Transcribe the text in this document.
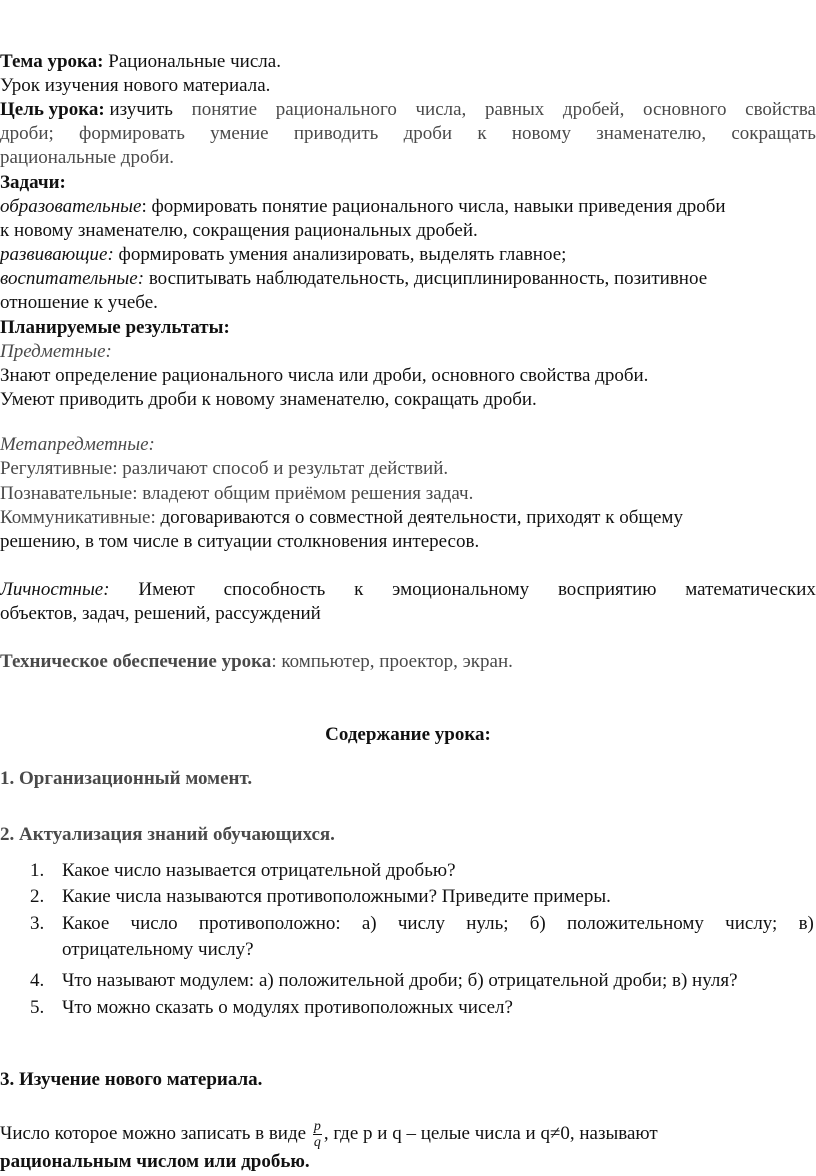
Тема урока: Рациональные числа.
Урок изучения нового материала.
Цель урока: изучить понятие рационального числа, равных дробей, основного свойства
дроби; формировать умение приводить дроби к новому знаменателю, сокращать
рациональные дроби.
Задачи:
образовательные: формировать понятие рационального числа, навыки приведения дроби
к новому знаменателю, сокращения рациональных дробей.
развивающие: формировать умения анализировать, выделять главное;
воспитательные: воспитывать наблюдательность, дисциплинированность, позитивное
отношение к учебе.
Планируемые результаты:
Предметные:
Знают определение рационального числа или дроби, основного свойства дроби.
Умеют приводить дроби к новому знаменателю, сокращать дроби.
Метапредметные:
Регулятивные: различают способ и результат действий.
Познавательные: владеют общим приёмом решения задач.
Коммуникативные: договариваются о совместной деятельности, приходят к общему
решению, в том числе в ситуации столкновения интересов.
Личностные: Имеют способность к эмоциональному восприятию математических
объектов, задач, решений, рассуждений
Техническое обеспечение урока: компьютер, проектор, экран.
Содержание урока:
1. Организационный момент.
2. Актуализация знаний обучающихся.
1. Какое число называется отрицательной дробью?
2. Какие числа называются противоположными? Приведите примеры.
3. Какое число противоположно: а) числу нуль; б) положительному числу; в)
отрицательному числу?
4. Что называют модулем: а) положительной дроби; б) отрицательной дроби; в) нуля?
5. Что можно сказать о модулях противоположных чисел?
3. Изучение нового материала.
Число которое можно записать в виде $\frac{p}{q}$ , где p и q – целые числа и q≠0, называют
рациональным числом или дробью.
